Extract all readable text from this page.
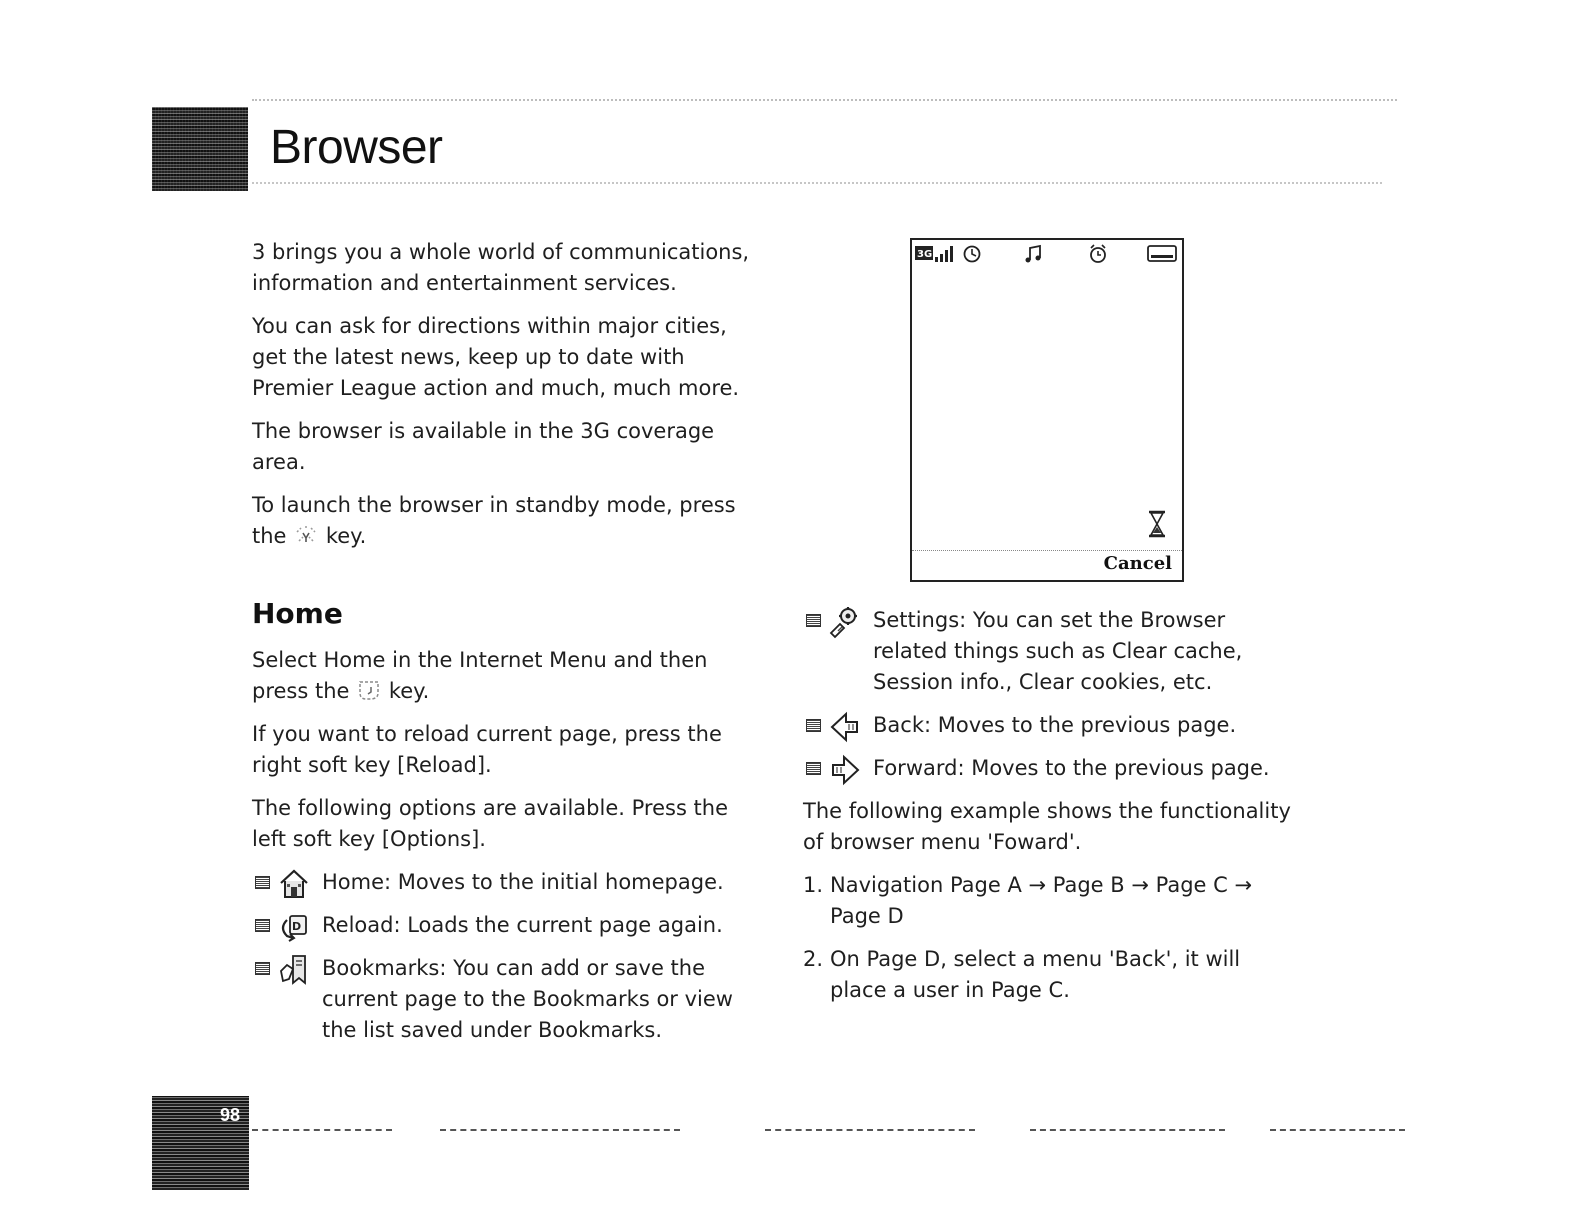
Browser

3 brings you a whole world of communications, information and entertainment services.

You can ask for directions within major cities, get the latest news, keep up to date with Premier League action and much, much more.

The browser is available in the 3G coverage area.

To launch the browser in standby mode, press the key.

Home

Select Home in the Internet Menu and then press the key.

If you want to reload current page, press the right soft key [Reload].

The following options are available. Press the left soft key [Options].

Home: Moves to the initial homepage.
D Reload: Loads the current page again.
Bookmarks: You can add or save the current page to the Bookmarks or view the list saved under Bookmarks.
3G
Cancel
Settings: You can set the Browser related things such as Clear cache, Session info., Clear cookies, etc.
Back: Moves to the previous page.
Forward: Moves to the previous page.

The following example shows the functionality of browser menu 'Foward'.

1. Navigation Page A → Page B → Page C → Page D
2. On Page D, select a menu 'Back', it will place a user in Page C.
98
